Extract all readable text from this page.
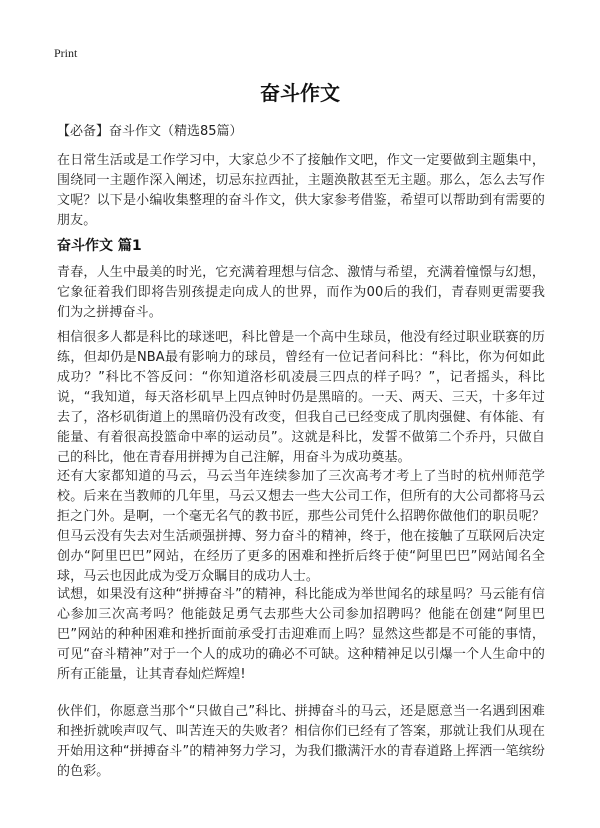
Print
奋斗作文
【必备】奋斗作文（精选85篇）
在日常生活或是工作学习中，大家总少不了接触作文吧，作文一定要做到主题集中，围绕同一主题作深入阐述，切忌东拉西扯，主题涣散甚至无主题。那么，怎么去写作文呢？以下是小编收集整理的奋斗作文，供大家参考借鉴，希望可以帮助到有需要的朋友。
奋斗作文 篇1
青春，人生中最美的时光，它充满着理想与信念、激情与希望，充满着憧憬与幻想，它象征着我们即将告别孩提走向成人的世界，而作为00后的我们，青春则更需要我们为之拼搏奋斗。
相信很多人都是科比的球迷吧，科比曾是一个高中生球员，他没有经过职业联赛的历练，但却仍是NBA最有影响力的球员，曾经有一位记者问科比：“科比，你为何如此成功？”科比不答反问：“你知道洛杉矶凌晨三四点的样子吗？”，记者摇头，科比说，“我知道，每天洛杉矶早上四点钟时仍是黑暗的。一天、两天、三天，十多年过去了，洛杉矶街道上的黑暗仍没有改变，但我自己已经变成了肌肉强健、有体能、有能量、有着很高投篮命中率的运动员”。这就是科比，发誓不做第二个乔丹，只做自己的科比，他在青春用拼搏为自己注解，用奋斗为成功奠基。
还有大家都知道的马云，马云当年连续参加了三次高考才考上了当时的杭州师范学校。后来在当教师的几年里，马云又想去一些大公司工作，但所有的大公司都将马云拒之门外。是啊，一个毫无名气的教书匠，那些公司凭什么招聘你做他们的职员呢？但马云没有失去对生活顽强拼搏、努力奋斗的精神，终于，他在接触了互联网后决定创办“阿里巴巴”网站，在经历了更多的困难和挫折后终于使“阿里巴巴”网站闻名全球，马云也因此成为受万众瞩目的成功人士。
试想，如果没有这种“拼搏奋斗”的精神，科比能成为举世闻名的球星吗？马云能有信心参加三次高考吗？他能鼓足勇气去那些大公司参加招聘吗？他能在创建“阿里巴巴”网站的种种困难和挫折面前承受打击迎难而上吗？显然这些都是不可能的事情，可见“奋斗精神”对于一个人的成功的确必不可缺。这种精神足以引爆一个人生命中的所有正能量，让其青春灿烂辉煌!
伙伴们，你愿意当那个“只做自己”科比、拼搏奋斗的马云，还是愿意当一名遇到困难和挫折就唉声叹气、叫苦连天的失败者？相信你们已经有了答案，那就让我们从现在开始用这种“拼搏奋斗”的精神努力学习，为我们撒满汗水的青春道路上挥洒一笔缤纷的色彩。
